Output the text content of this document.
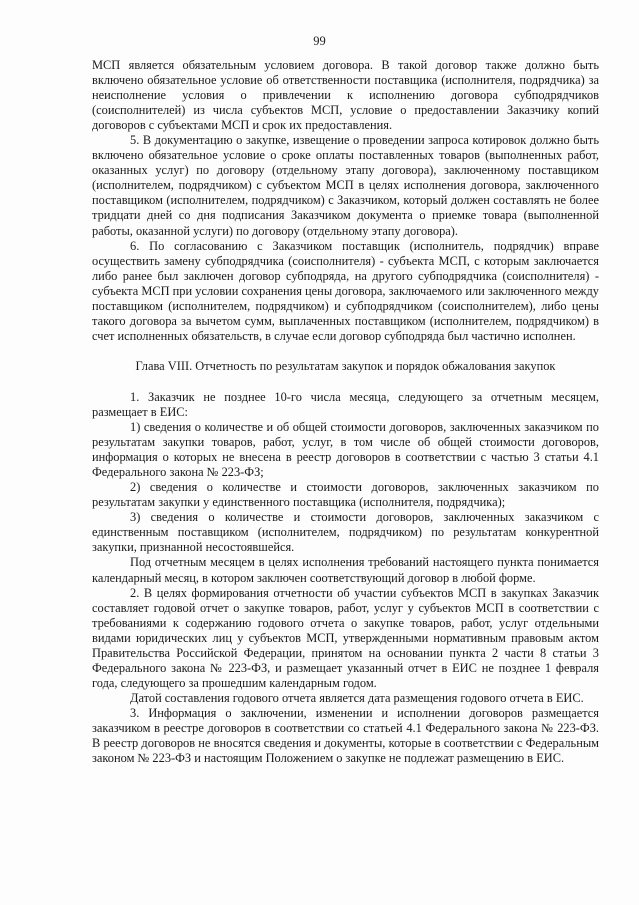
99

МСП является обязательным условием договора. В такой договор также должно быть включено обязательное условие об ответственности поставщика (исполнителя, подрядчика) за неисполнение условия о привлечении к исполнению договора субподрядчиков (соисполнителей) из числа субъектов МСП, условие о предоставлении Заказчику копий договоров с субъектами МСП и срок их предоставления.

5. В документацию о закупке, извещение о проведении запроса котировок должно быть включено обязательное условие о сроке оплаты поставленных товаров (выполненных работ, оказанных услуг) по договору (отдельному этапу договора), заключенному поставщиком (исполнителем, подрядчиком) с субъектом МСП в целях исполнения договора, заключенного поставщиком (исполнителем, подрядчиком) с Заказчиком, который должен составлять не более тридцати дней со дня подписания Заказчиком документа о приемке товара (выполненной работы, оказанной услуги) по договору (отдельному этапу договора).

6. По согласованию с Заказчиком поставщик (исполнитель, подрядчик) вправе осуществить замену субподрядчика (соисполнителя) - субъекта МСП, с которым заключается либо ранее был заключен договор субподряда, на другого субподрядчика (соисполнителя) - субъекта МСП при условии сохранения цены договора, заключаемого или заключенного между поставщиком (исполнителем, подрядчиком) и субподрядчиком (соисполнителем), либо цены такого договора за вычетом сумм, выплаченных поставщиком (исполнителем, подрядчиком) в счет исполненных обязательств, в случае если договор субподряда был частично исполнен.

Глава VIII. Отчетность по результатам закупок и порядок обжалования закупок

1. Заказчик не позднее 10-го числа месяца, следующего за отчетным месяцем, размещает в ЕИС:

1) сведения о количестве и об общей стоимости договоров, заключенных заказчиком по результатам закупки товаров, работ, услуг, в том числе об общей стоимости договоров, информация о которых не внесена в реестр договоров в соответствии с частью 3 статьи 4.1 Федерального закона № 223-ФЗ;

2) сведения о количестве и стоимости договоров, заключенных заказчиком по результатам закупки у единственного поставщика (исполнителя, подрядчика);

3) сведения о количестве и стоимости договоров, заключенных заказчиком с единственным поставщиком (исполнителем, подрядчиком) по результатам конкурентной закупки, признанной несостоявшейся.

Под отчетным месяцем в целях исполнения требований настоящего пункта понимается календарный месяц, в котором заключен соответствующий договор в любой форме.

2. В целях формирования отчетности об участии субъектов МСП в закупках Заказчик составляет годовой отчет о закупке товаров, работ, услуг у субъектов МСП в соответствии с требованиями к содержанию годового отчета о закупке товаров, работ, услуг отдельными видами юридических лиц у субъектов МСП, утвержденными нормативным правовым актом Правительства Российской Федерации, принятом на основании пункта 2 части 8 статьи 3 Федерального закона № 223-ФЗ, и размещает указанный отчет в ЕИС не позднее 1 февраля года, следующего за прошедшим календарным годом.

Датой составления годового отчета является дата размещения годового отчета в ЕИС.

3. Информация о заключении, изменении и исполнении договоров размещается заказчиком в реестре договоров в соответствии со статьей 4.1 Федерального закона № 223-ФЗ. В реестр договоров не вносятся сведения и документы, которые в соответствии с Федеральным законом № 223-ФЗ и настоящим Положением о закупке не подлежат размещению в ЕИС.
